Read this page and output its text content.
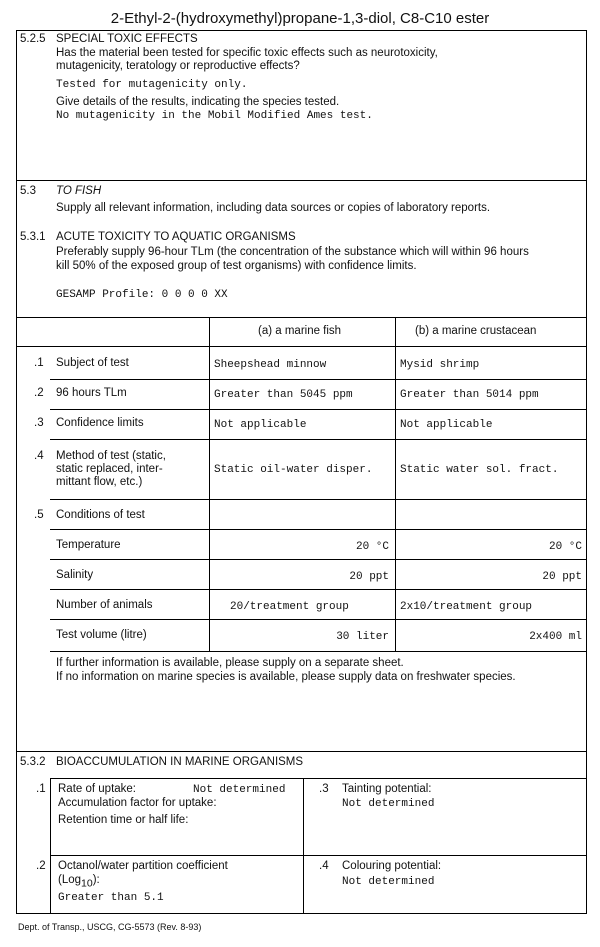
2-Ethyl-2-(hydroxymethyl)propane-1,3-diol, C8-C10 ester
5.2.5 SPECIAL TOXIC EFFECTS
Has the material been tested for specific toxic effects such as neurotoxicity,
mutagenicity, teratology or reproductive effects?
Tested for mutagenicity only.
Give details of the results, indicating the species tested.
No mutagenicity in the Mobil Modified Ames test.
5.3 TO FISH
Supply all relevant information, including data sources or copies of laboratory reports.
5.3.1 ACUTE TOXICITY TO AQUATIC ORGANISMS
Preferably supply 96-hour TLm (the concentration of the substance which will within 96 hours
kill 50% of the exposed group of test organisms) with confidence limits.
GESAMP Profile: 0 0 0 0 XX
(a) a marine fish	(b) a marine crustacean
.1 Subject of test	Sheepshead minnow	Mysid shrimp
.2 96 hours TLm	Greater than 5045 ppm	Greater than 5014 ppm
.3 Confidence limits	Not applicable	Not applicable
.4 Method of test (static,
static replaced, inter-
mittant flow, etc.)
Static oil-water disper.	Static water sol. fract.
.5 Conditions of test
Temperature	20 °C	20 °C
Salinity	20 ppt	20 ppt
Number of animals	20/treatment group	2x10/treatment group
Test volume (litre)	30 liter	2x400 ml
If further information is available, please supply on a separate sheet.
If no information on marine species is available, please supply data on freshwater species.
5.3.2 BIOACCUMULATION IN MARINE ORGANISMS
.1 Rate of uptake:	Not determined
Accumulation factor for uptake:
Retention time or half life:
.3 Tainting potential:
Not determined
.2 Octanol/water partition coefficient
(Log$_{10}$):
Greater than 5.1
.4 Colouring potential:
Not determined
Dept. of Transp., USCG, CG-5573 (Rev. 8-93)
